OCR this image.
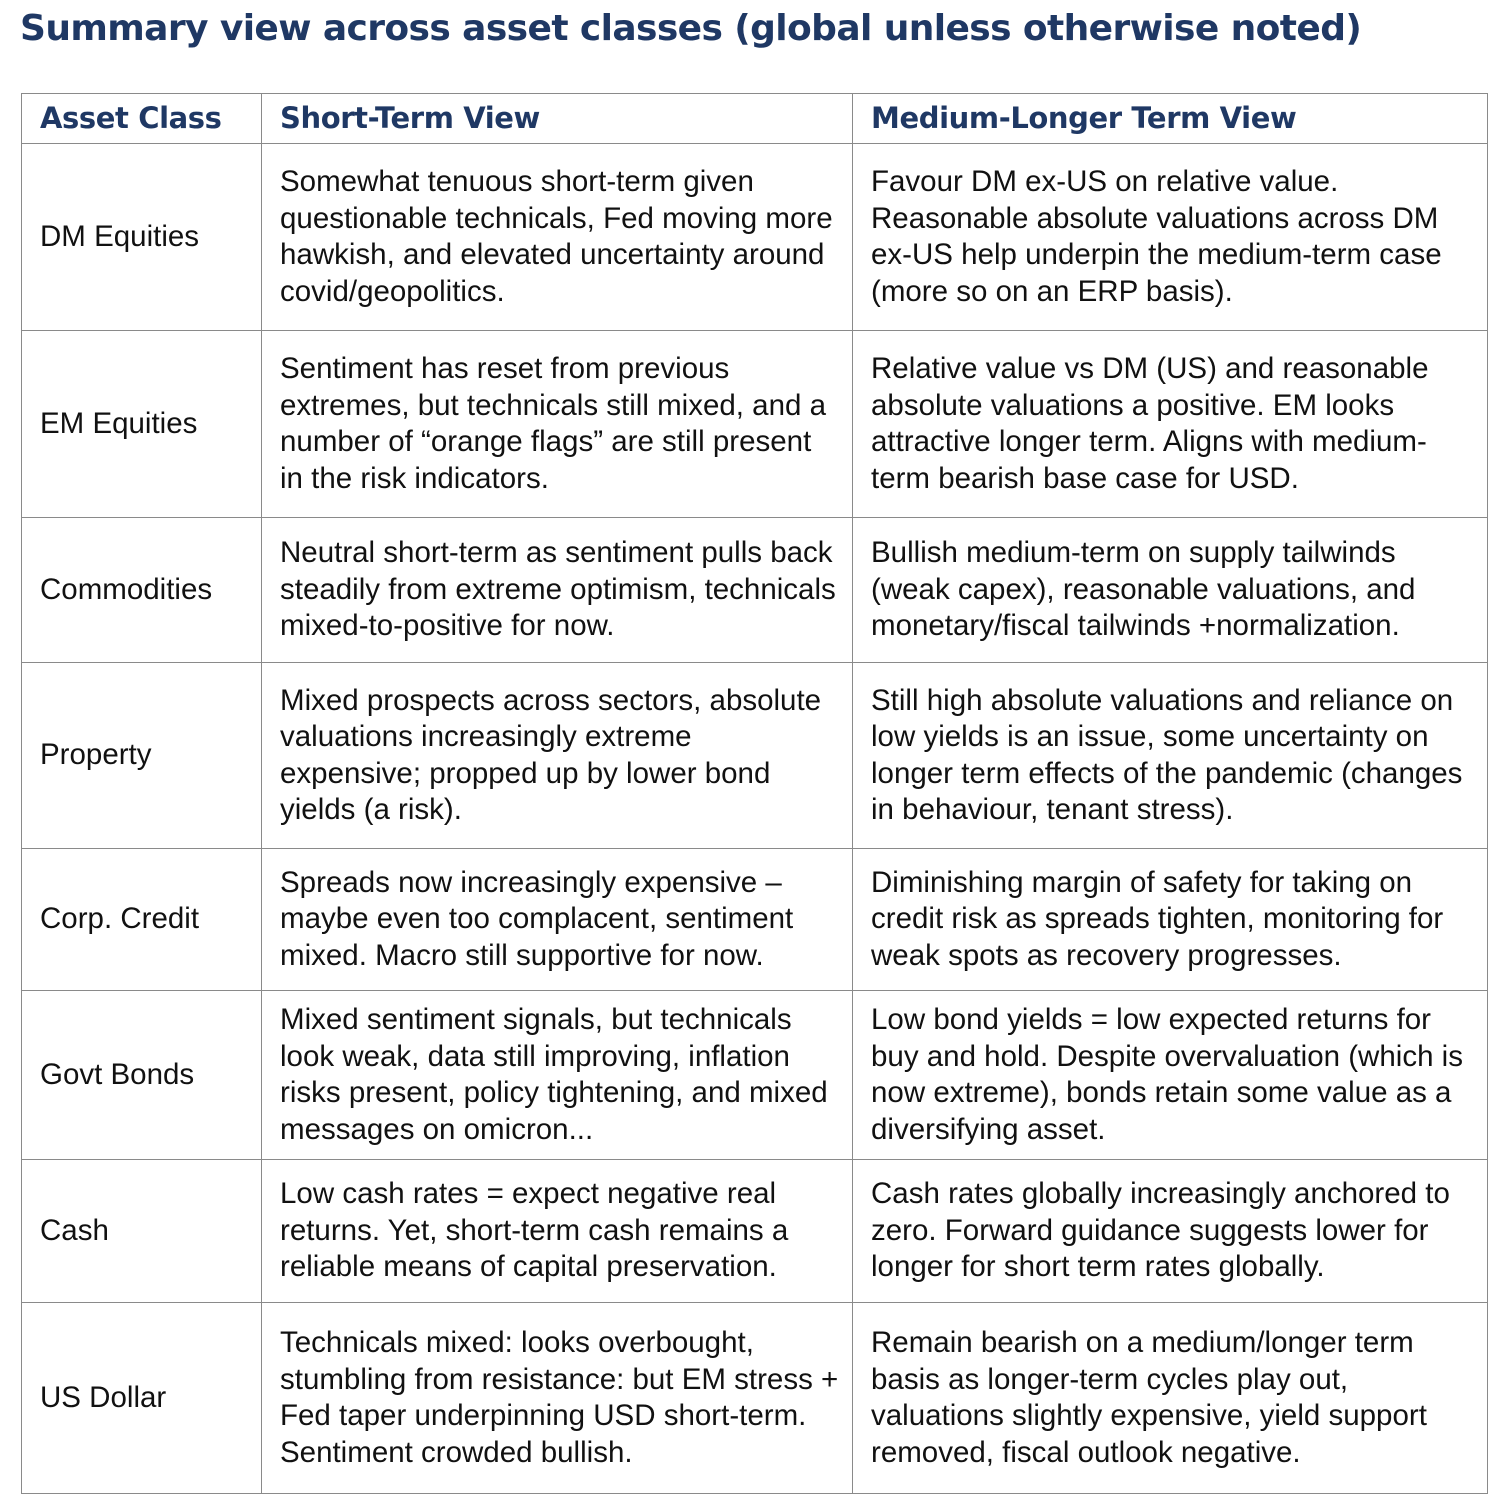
Summary view across asset classes (global unless otherwise noted)
Asset Class	Short-Term View	Medium-Longer Term View
DM Equities	Somewhat tenuous short-term given questionable technicals, Fed moving more hawkish, and elevated uncertainty around covid/geopolitics.	Favour DM ex-US on relative value. Reasonable absolute valuations across DM ex-US help underpin the medium-term case (more so on an ERP basis).
EM Equities	Sentiment has reset from previous extremes, but technicals still mixed, and a number of “orange flags” are still present in the risk indicators.	Relative value vs DM (US) and reasonable absolute valuations a positive. EM looks attractive longer term. Aligns with medium-term bearish base case for USD.
Commodities	Neutral short-term as sentiment pulls back steadily from extreme optimism, technicals mixed-to-positive for now.	Bullish medium-term on supply tailwinds (weak capex), reasonable valuations, and monetary/fiscal tailwinds +normalization.
Property	Mixed prospects across sectors, absolute valuations increasingly extreme expensive; propped up by lower bond yields (a risk).	Still high absolute valuations and reliance on low yields is an issue, some uncertainty on longer term effects of the pandemic (changes in behaviour, tenant stress).
Corp. Credit	Spreads now increasingly expensive – maybe even too complacent, sentiment mixed. Macro still supportive for now.	Diminishing margin of safety for taking on credit risk as spreads tighten, monitoring for weak spots as recovery progresses.
Govt Bonds	Mixed sentiment signals, but technicals look weak, data still improving, inflation risks present, policy tightening, and mixed messages on omicron...	Low bond yields = low expected returns for buy and hold. Despite overvaluation (which is now extreme), bonds retain some value as a diversifying asset.
Cash	Low cash rates = expect negative real returns. Yet, short-term cash remains a reliable means of capital preservation.	Cash rates globally increasingly anchored to zero. Forward guidance suggests lower for longer for short term rates globally.
US Dollar	Technicals mixed: looks overbought, stumbling from resistance: but EM stress + Fed taper underpinning USD short-term. Sentiment crowded bullish.	Remain bearish on a medium/longer term basis as longer-term cycles play out, valuations slightly expensive, yield support removed, fiscal outlook negative.
